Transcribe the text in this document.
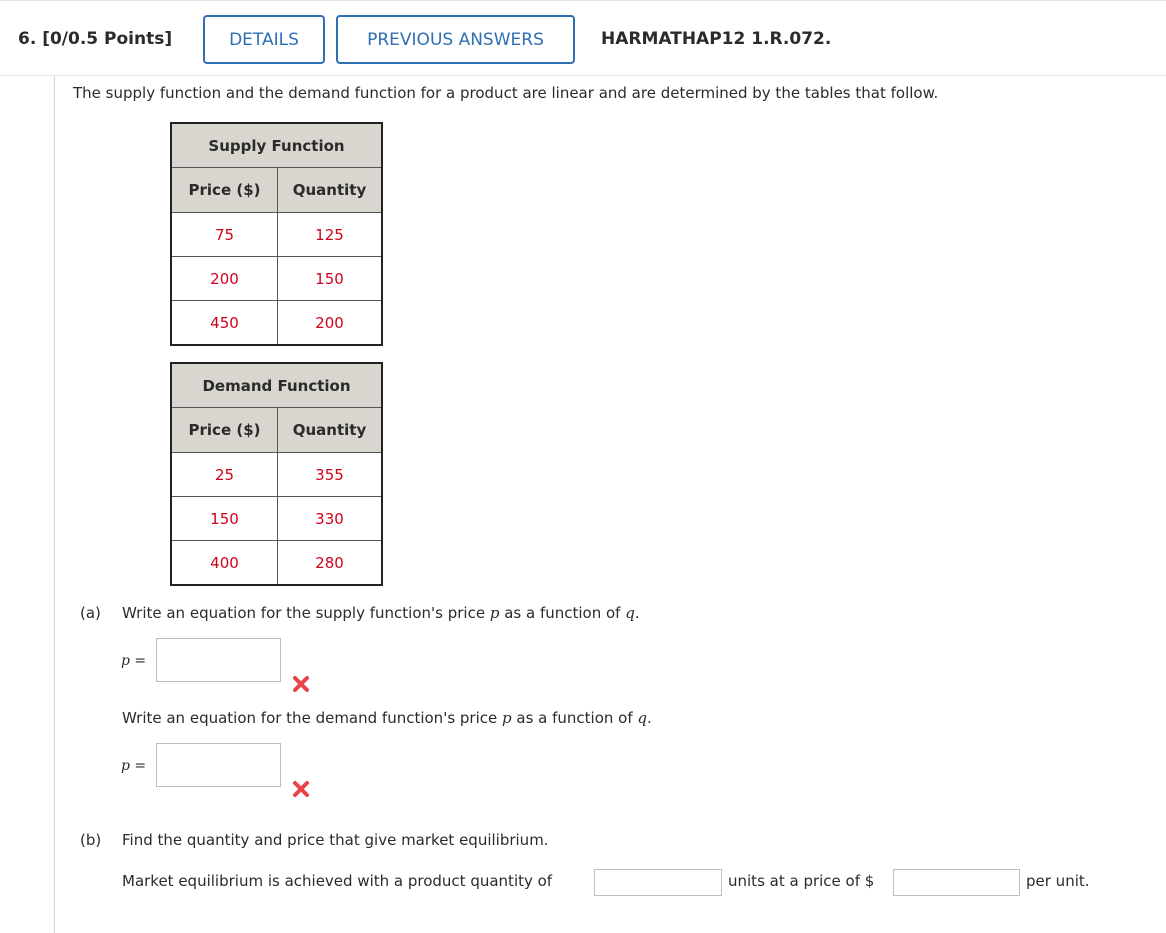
6. [0/0.5 Points]	DETAILS	PREVIOUS ANSWERS	HARMATHAP12 1.R.072.
The supply function and the demand function for a product are linear and are determined by the tables that follow.
Supply Function	
Price ($)	Quantity
75	125
200	150
450	200
Demand Function	
Price ($)	Quantity
25	355
150	330
400	280
(a) Write an equation for the supply function's price p as a function of q.
p =
Write an equation for the demand function's price p as a function of q.
p =
(b) Find the quantity and price that give market equilibrium.
Market equilibrium is achieved with a product quantity of	units at a price of $	per unit.
